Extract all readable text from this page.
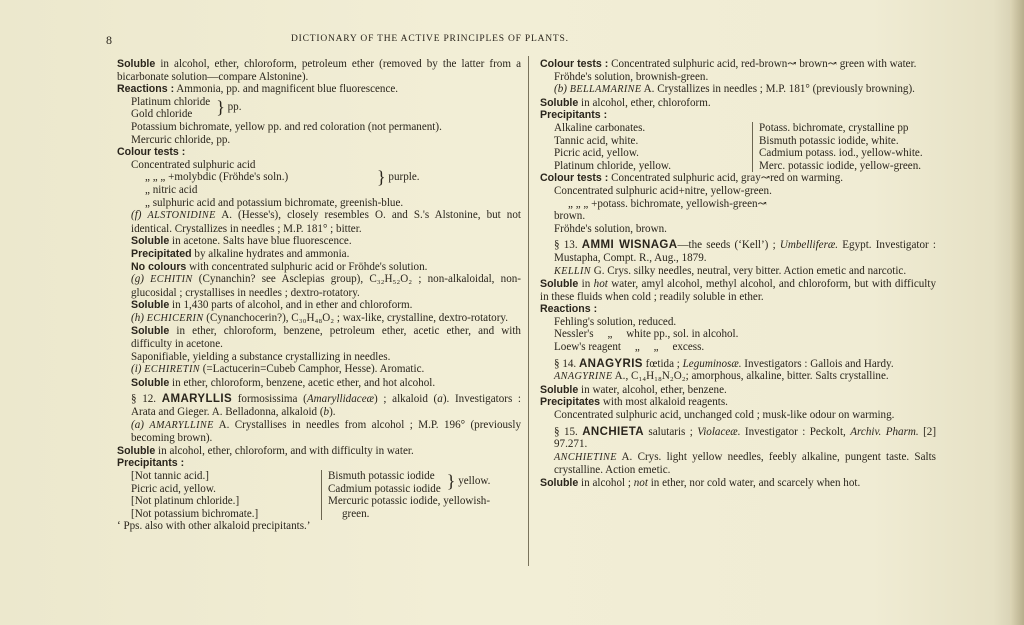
8	DICTIONARY OF THE ACTIVE PRINCIPLES OF PLANTS.

Soluble in alcohol, ether, chloroform, petroleum ether (removed by the latter from a bicarbonate solution—compare Alstonine).

Reactions : Ammonia, pp. and magnificent blue fluorescence.

Platinum chloride
Gold chloride	} pp.

Potassium bichromate, yellow pp. and red coloration (not permanent).

Mercuric chloride, pp.

Colour tests :

Concentrated sulphuric acid
„ „ „ +molybdic (Fröhde's soln.)
„ nitric acid
} purple.

„ sulphuric acid and potassium bichromate, greenish-blue.

(f) ALSTONIDINE A. (Hesse's), closely resembles O. and S.'s Alstonine, but not identical. Crystallizes in needles ; M.P. 181° ; bitter.

Soluble in acetone. Salts have blue fluorescence.

Precipitated by alkaline hydrates and ammonia.

No colours with concentrated sulphuric acid or Fröhde's solution.

(g) ECHITIN (Cynanchin? see Asclepias group), C₃₂H₅₂O₂ ; non-alkaloidal, non-glucosidal ; crystallises in needles ; dextro-rotatory.

Soluble in 1,430 parts of alcohol, and in ether and chloroform.

(h) ECHICERIN (Cynanchocerin?), C₃₀H₄₈O₂ ; wax-like, crystalline, dextro-rotatory.

Soluble in ether, chloroform, benzene, petroleum ether, acetic ether, and with difficulty in acetone.

Saponifiable, yielding a substance crystallizing in needles.

(i) ECHIRETIN (=Lactucerin=Cubeb Camphor, Hesse). Aromatic.

Soluble in ether, chloroform, benzene, acetic ether, and hot alcohol.

§ 12. AMARYLLIS formosissima (Amaryllidaceæ) ; alkaloid (a). Investigators : Arata and Gieger. A. Belladonna, alkaloid (b).

(a) AMARYLLINE A. Crystallises in needles from alcohol ; M.P. 196° (previously becoming brown).

Soluble in alcohol, ether, chloroform, and with difficulty in water.

Precipitants :

[Not tannic acid.]
Picric acid, yellow.
[Not platinum chloride.]
[Not potassium bichromate.]
Bismuth potassic iodide
Cadmium potassic iodide } yellow.
Mercuric potassic iodide, yellowish-
green.

‘ Pps. also with other alkaloid precipitants.’

Colour tests : Concentrated sulphuric acid, red-brown↝ brown↝ green with water.

Fröhde's solution, brownish-green.

(b) BELLAMARINE A. Crystallizes in needles ; M.P. 181° (previously browning).

Soluble in alcohol, ether, chloroform.

Precipitants :

Alkaline carbonates.
Tannic acid, white.
Picric acid, yellow.
Platinum chloride, yellow.
Potass. bichromate, crystalline pp
Bismuth potassic iodide, white.
Cadmium potass. iod., yellow-white.
Merc. potassic iodide, yellow-green.

Colour tests : Concentrated sulphuric acid, gray↝red on warming.

Concentrated sulphuric acid+nitre, yellow-green.

„ „ „ +potass. bichromate, yellowish-green↝

brown.

Fröhde's solution, brown.

§ 13. AMMI WISNAGA—the seeds (‘Kell’) ; Umbelliferæ. Egypt. Investigator : Mustapha, Compt. R., Aug., 1879.

KELLIN G. Crys. silky needles, neutral, very bitter. Action emetic and narcotic.

Soluble in hot water, amyl alcohol, methyl alcohol, and chloroform, but with difficulty in these fluids when cold ; readily soluble in ether.

Reactions :

Fehling's solution, reduced.

Nessler's     „     white pp., sol. in alcohol.

Loew's reagent     „     „     excess.

§ 14. ANAGYRIS fœtida ; Leguminosæ. Investigators : Gallois and Hardy.

ANAGYRINE A., C₁₄H₁₈N₂O₂; amorphous, alkaline, bitter. Salts crystalline.

Soluble in water, alcohol, ether, benzene.

Precipitates with most alkaloid reagents.

Concentrated sulphuric acid, unchanged cold ; musk-like odour on warming.

§ 15. ANCHIETA salutaris ; Violaceæ. Investigator : Peckolt, Archiv. Pharm. [2] 97.271.

ANCHIETINE A. Crys. light yellow needles, feebly alkaline, pungent taste. Salts crystalline. Action emetic.

Soluble in alcohol ; not in ether, nor cold water, and scarcely when hot.
